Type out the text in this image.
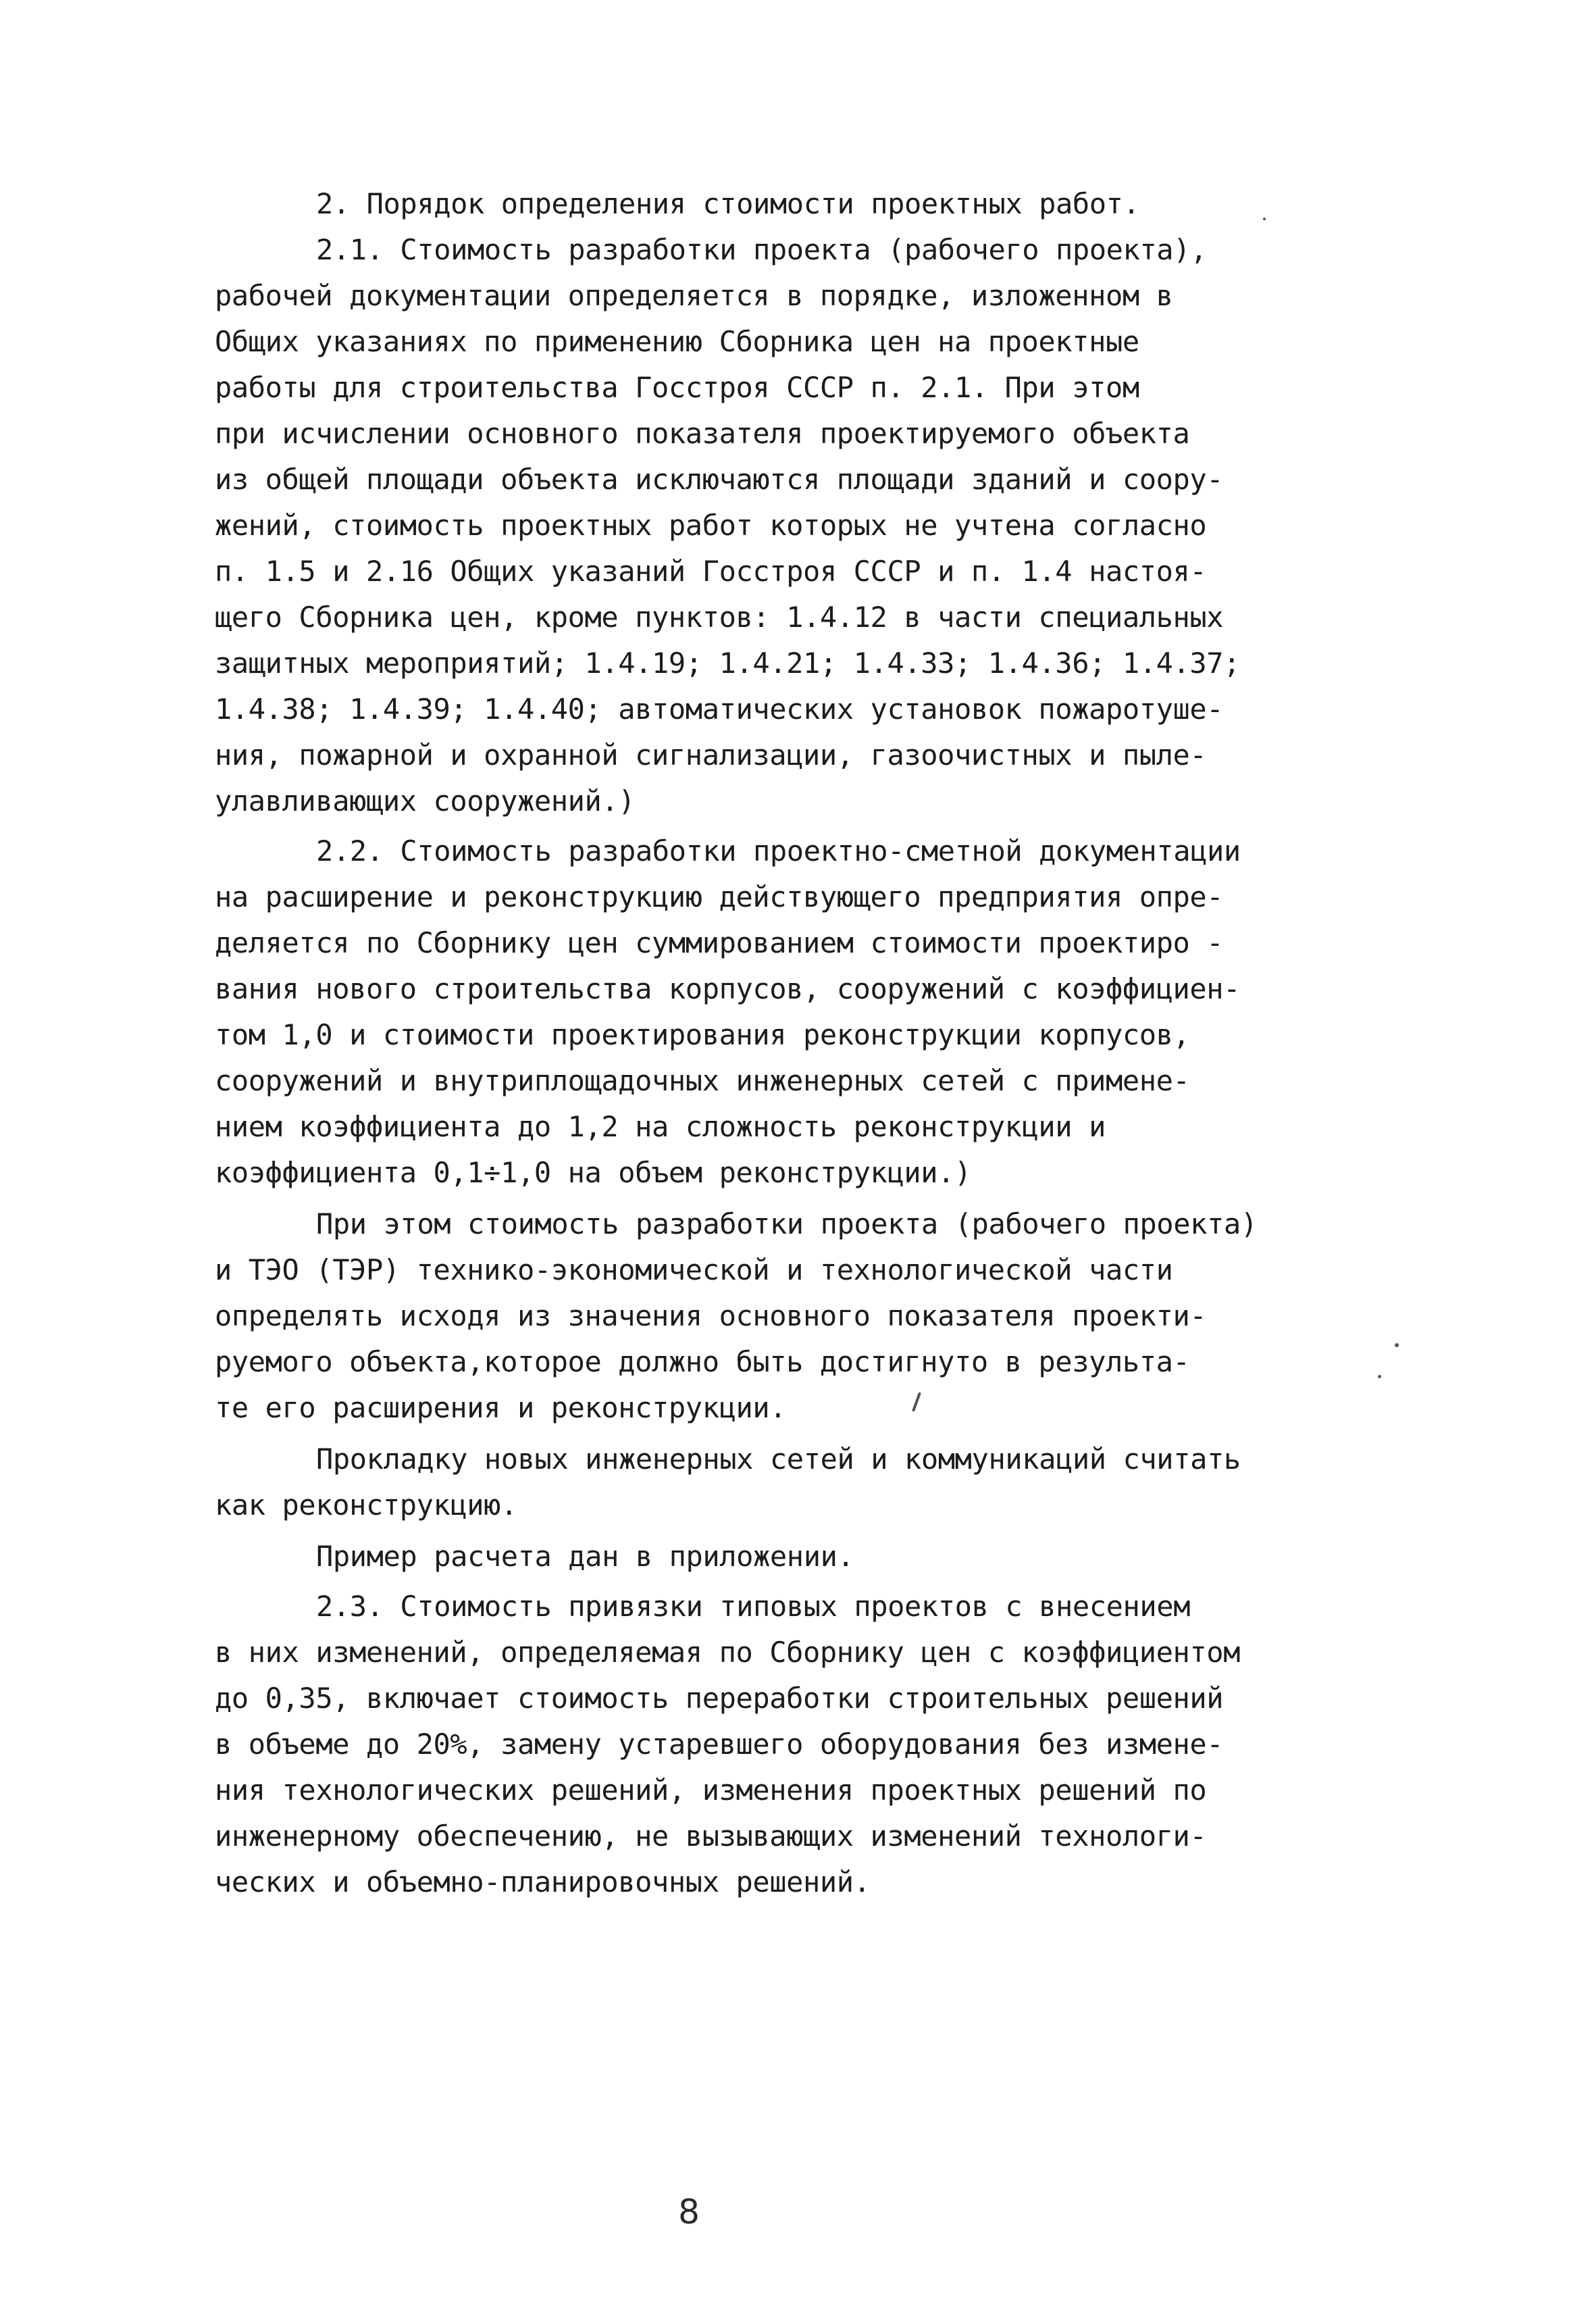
2. Порядок определения стоимости проектных работ.
2.1. Стоимость разработки проекта (рабочего проекта),
рабочей документации определяется в порядке, изложенном в
Общих указаниях по применению Сборника цен на проектные
работы для строительства Госстроя СССР п. 2.1. При этом
при исчислении основного показателя проектируемого объекта
из общей площади объекта исключаются площади зданий и соору-
жений, стоимость проектных работ которых не учтена согласно
п. 1.5 и 2.16 Общих указаний Госстроя СССР и п. 1.4 настоя-
щего Сборника цен, кроме пунктов: 1.4.12 в части специальных
защитных мероприятий; 1.4.19; 1.4.21; 1.4.33; 1.4.36; 1.4.37;
1.4.38; 1.4.39; 1.4.40; автоматических установок пожаротуше-
ния, пожарной и охранной сигнализации, газоочистных и пыле-
улавливающих сооружений.)
2.2. Стоимость разработки проектно-сметной документации
на расширение и реконструкцию действующего предприятия опре-
деляется по Сборнику цен суммированием стоимости проектиро -
вания нового строительства корпусов, сооружений с коэффициен-
том 1,0 и стоимости проектирования реконструкции корпусов,
сооружений и внутриплощадочных инженерных сетей с примене-
нием коэффициента до 1,2 на сложность реконструкции и
коэффициента 0,1÷1,0 на объем реконструкции.)
При этом стоимость разработки проекта (рабочего проекта)
и ТЭО (ТЭР) технико-экономической и технологической части
определять исходя из значения основного показателя проекти-
руемого объекта,которое должно быть достигнуто в результа-
те его расширения и реконструкции.
Прокладку новых инженерных сетей и коммуникаций считать
как реконструкцию.
Пример расчета дан в приложении.
2.3. Стоимость привязки типовых проектов с внесением
в них изменений, определяемая по Сборнику цен с коэффициентом
до 0,35, включает стоимость переработки строительных решений
в объеме до 20%, замену устаревшего оборудования без измене-
ния технологических решений, изменения проектных решений по
инженерному обеспечению, не вызывающих изменений технологи-
ческих и объемно-планировочных решений.
8
